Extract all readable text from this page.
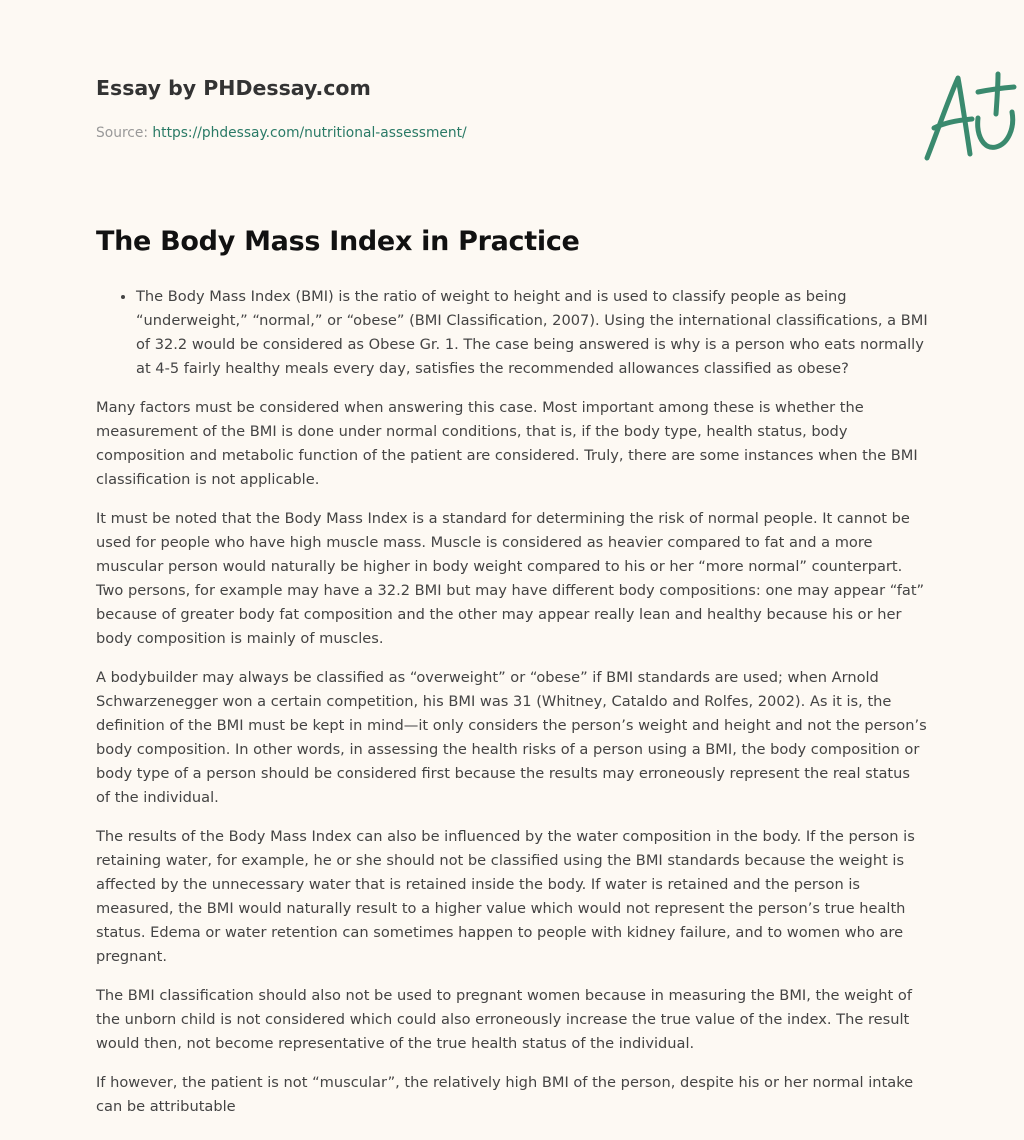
Essay by PHDessay.com
Source: https://phdessay.com/nutritional-assessment/
The Body Mass Index in Practice
• The Body Mass Index (BMI) is the ratio of weight to height and is used to classify people as being “underweight,” “normal,” or “obese” (BMI Classification, 2007). Using the international classifications, a BMI of 32.2 would be considered as Obese Gr. 1. The case being answered is why is a person who eats normally at 4-5 fairly healthy meals every day, satisfies the recommended allowances classified as obese?

Many factors must be considered when answering this case. Most important among these is whether the measurement of the BMI is done under normal conditions, that is, if the body type, health status, body composition and metabolic function of the patient are considered. Truly, there are some instances when the BMI classification is not applicable.

It must be noted that the Body Mass Index is a standard for determining the risk of normal people. It cannot be used for people who have high muscle mass. Muscle is considered as heavier compared to fat and a more muscular person would naturally be higher in body weight compared to his or her “more normal” counterpart. Two persons, for example may have a 32.2 BMI but may have different body compositions: one may appear “fat” because of greater body fat composition and the other may appear really lean and healthy because his or her body composition is mainly of muscles.

A bodybuilder may always be classified as “overweight” or “obese” if BMI standards are used; when Arnold Schwarzenegger won a certain competition, his BMI was 31 (Whitney, Cataldo and Rolfes, 2002). As it is, the definition of the BMI must be kept in mind—it only considers the person’s weight and height and not the person’s body composition. In other words, in assessing the health risks of a person using a BMI, the body composition or body type of a person should be considered first because the results may erroneously represent the real status of the individual.

The results of the Body Mass Index can also be influenced by the water composition in the body. If the person is retaining water, for example, he or she should not be classified using the BMI standards because the weight is affected by the unnecessary water that is retained inside the body. If water is retained and the person is measured, the BMI would naturally result to a higher value which would not represent the person’s true health status. Edema or water retention can sometimes happen to people with kidney failure, and to women who are pregnant.

The BMI classification should also not be used to pregnant women because in measuring the BMI, the weight of the unborn child is not considered which could also erroneously increase the true value of the index. The result would then, not become representative of the true health status of the individual.

If however, the patient is not “muscular”, the relatively high BMI of the person, despite his or her normal intake can be attributable
